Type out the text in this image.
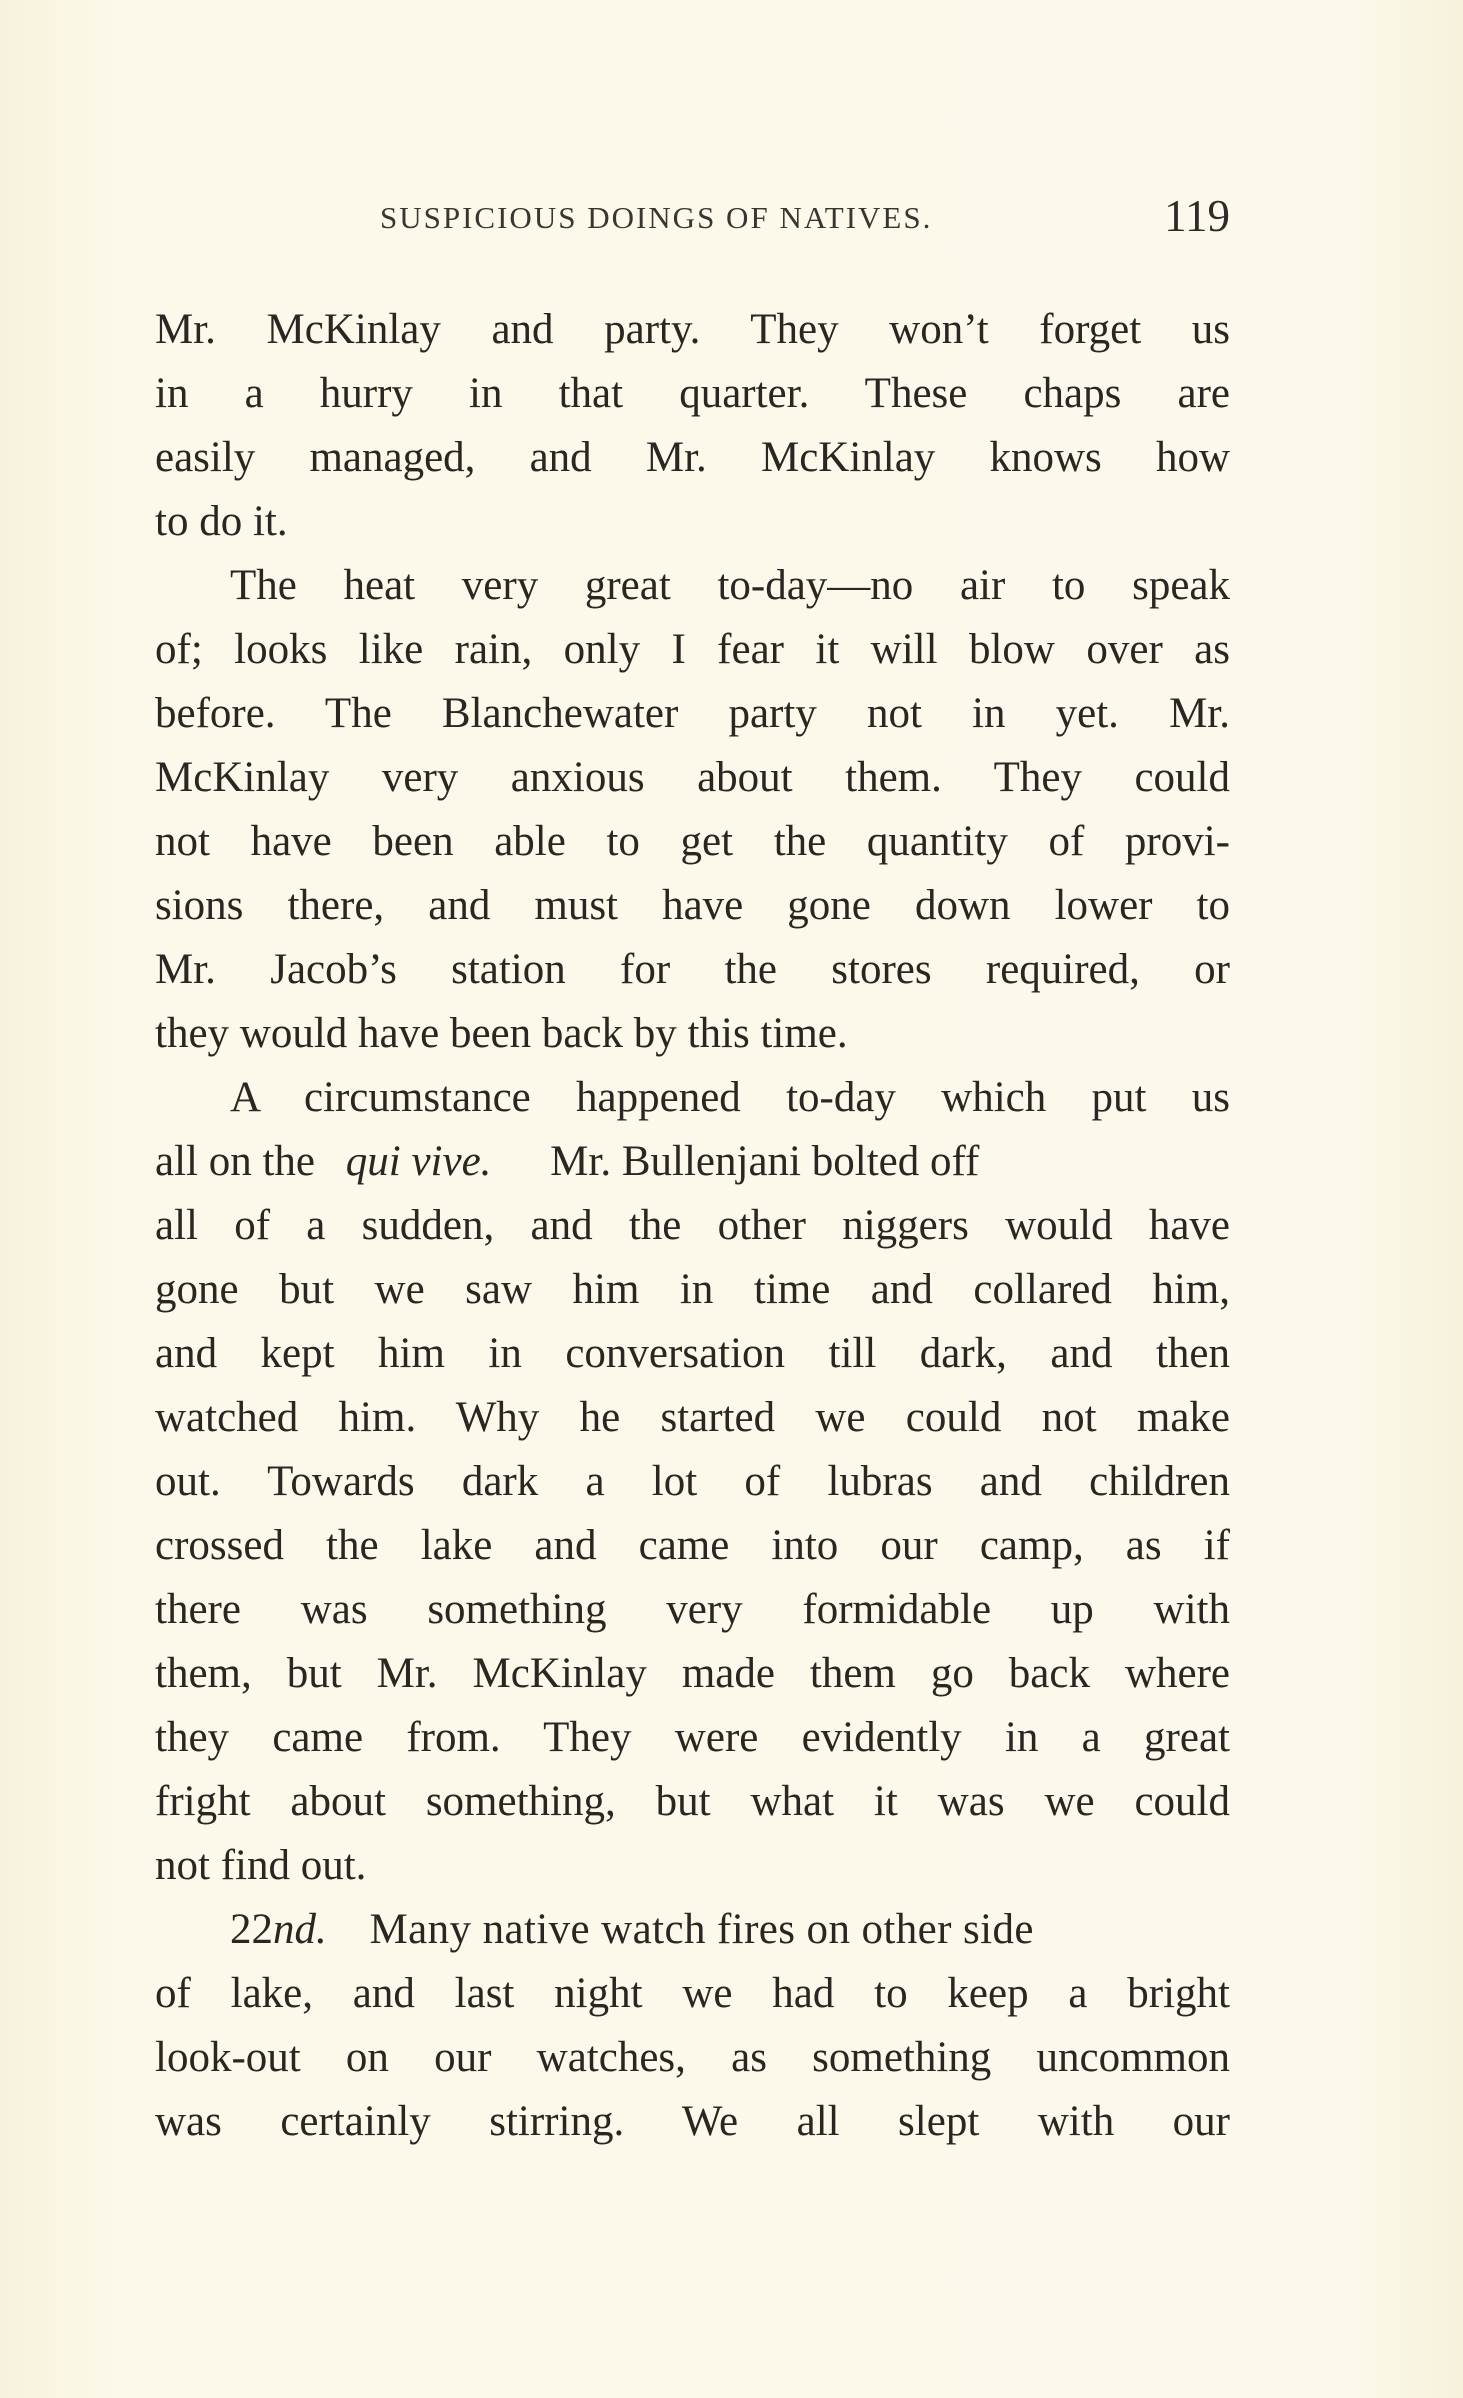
SUSPICIOUS DOINGS OF NATIVES.	119
Mr. McKinlay and party. They won’t forget us
in a hurry in that quarter. These chaps are
easily managed, and Mr. McKinlay knows how
to do it.
The heat very great to-day—no air to speak
of; looks like rain, only I fear it will blow over as
before. The Blanchewater party not in yet. Mr.
McKinlay very anxious about them. They could
not have been able to get the quantity of provi-
sions there, and must have gone down lower to
Mr. Jacob’s station for the stores required, or
they would have been back by this time.
A circumstance happened to-day which put us
all on the qui vive. Mr. Bullenjani bolted off
all of a sudden, and the other niggers would have
gone but we saw him in time and collared him,
and kept him in conversation till dark, and then
watched him. Why he started we could not make
out. Towards dark a lot of lubras and children
crossed the lake and came into our camp, as if
there was something very formidable up with
them, but Mr. McKinlay made them go back where
they came from. They were evidently in a great
fright about something, but what it was we could
not find out.
22nd. Many native watch fires on other side
of lake, and last night we had to keep a bright
look-out on our watches, as something uncommon
was certainly stirring. We all slept with our
